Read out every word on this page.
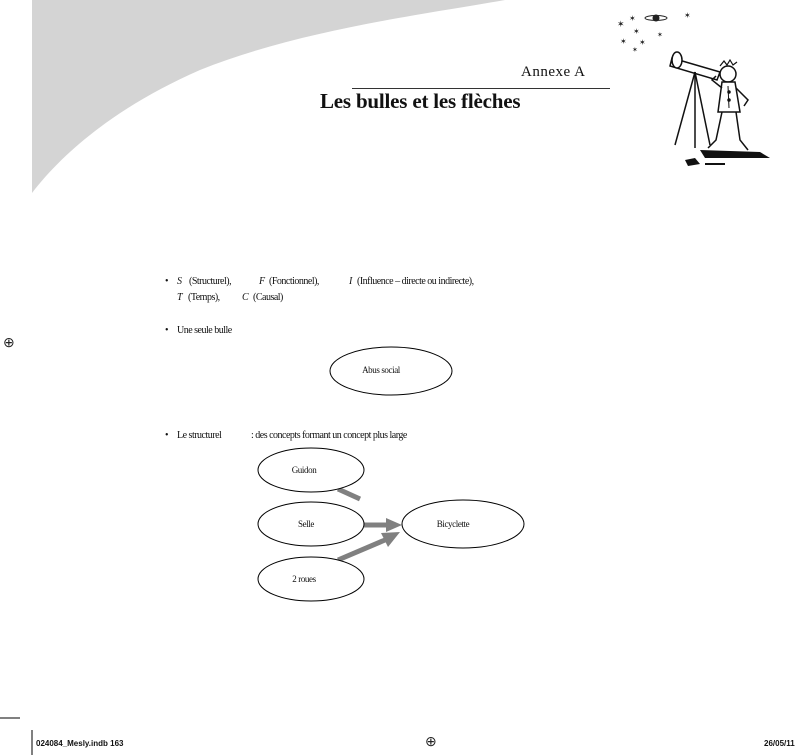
✶
✶
✶
✶ ✶
✶
✶
✶
Annexe A
Les bulles et les flèches
• S (Structurel),	F (Fonctionnel),	I (Influence – directe ou indirecte),
T (Temps), C (Causal)
• Une seule bulle
Abus social
• Le structurel	: des concepts formant un concept plus large
Guidon
Selle
2 roues
Bicyclette
⊕
⊕
024084_Mesly.indb 163	26/05/11
